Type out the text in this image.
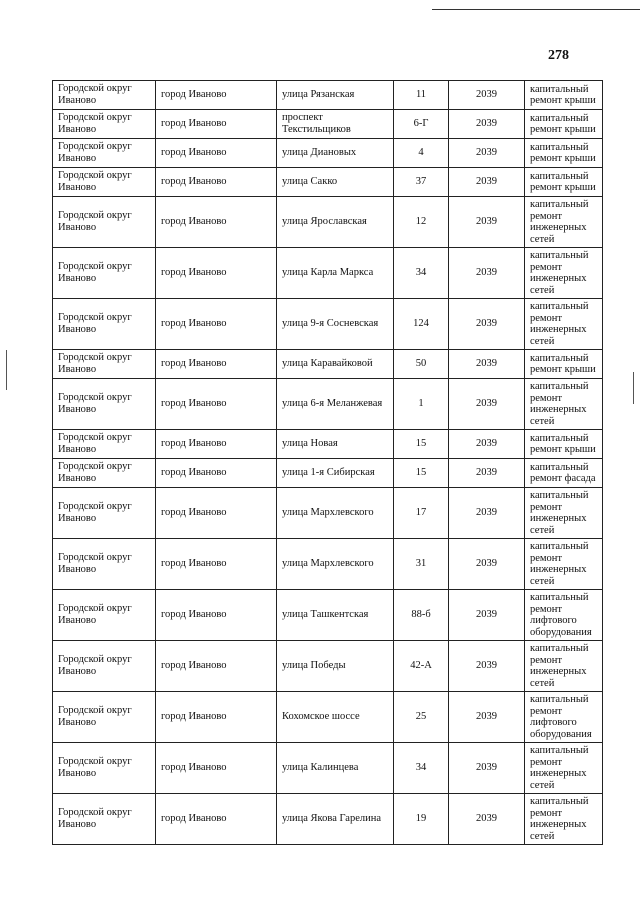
278
Городской округ Иваново	город Иваново	улица Рязанская	11	2039	капитальный ремонт крыши
Городской округ Иваново	город Иваново	проспект Текстильщиков	6-Г	2039	капитальный ремонт крыши
Городской округ Иваново	город Иваново	улица Диановых	4	2039	капитальный ремонт крыши
Городской округ Иваново	город Иваново	улица Сакко	37	2039	капитальный ремонт крыши
Городской округ Иваново	город Иваново	улица Ярославская	12	2039	капитальный ремонт инженерных сетей
Городской округ Иваново	город Иваново	улица Карла Маркса	34	2039	капитальный ремонт инженерных сетей
Городской округ Иваново	город Иваново	улица 9-я Сосневская	124	2039	капитальный ремонт инженерных сетей
Городской округ Иваново	город Иваново	улица Каравайковой	50	2039	капитальный ремонт крыши
Городской округ Иваново	город Иваново	улица 6-я Меланжевая	1	2039	капитальный ремонт инженерных сетей
Городской округ Иваново	город Иваново	улица Новая	15	2039	капитальный ремонт крыши
Городской округ Иваново	город Иваново	улица 1-я Сибирская	15	2039	капитальный ремонт фасада
Городской округ Иваново	город Иваново	улица Мархлевского	17	2039	капитальный ремонт инженерных сетей
Городской округ Иваново	город Иваново	улица Мархлевского	31	2039	капитальный ремонт инженерных сетей
Городской округ Иваново	город Иваново	улица Ташкентская	88-б	2039	капитальный ремонт лифтового оборудования
Городской округ Иваново	город Иваново	улица Победы	42-А	2039	капитальный ремонт инженерных сетей
Городской округ Иваново	город Иваново	Кохомское шоссе	25	2039	капитальный ремонт лифтового оборудования
Городской округ Иваново	город Иваново	улица Калинцева	34	2039	капитальный ремонт инженерных сетей
Городской округ Иваново	город Иваново	улица Якова Гарелина	19	2039	капитальный ремонт инженерных сетей
